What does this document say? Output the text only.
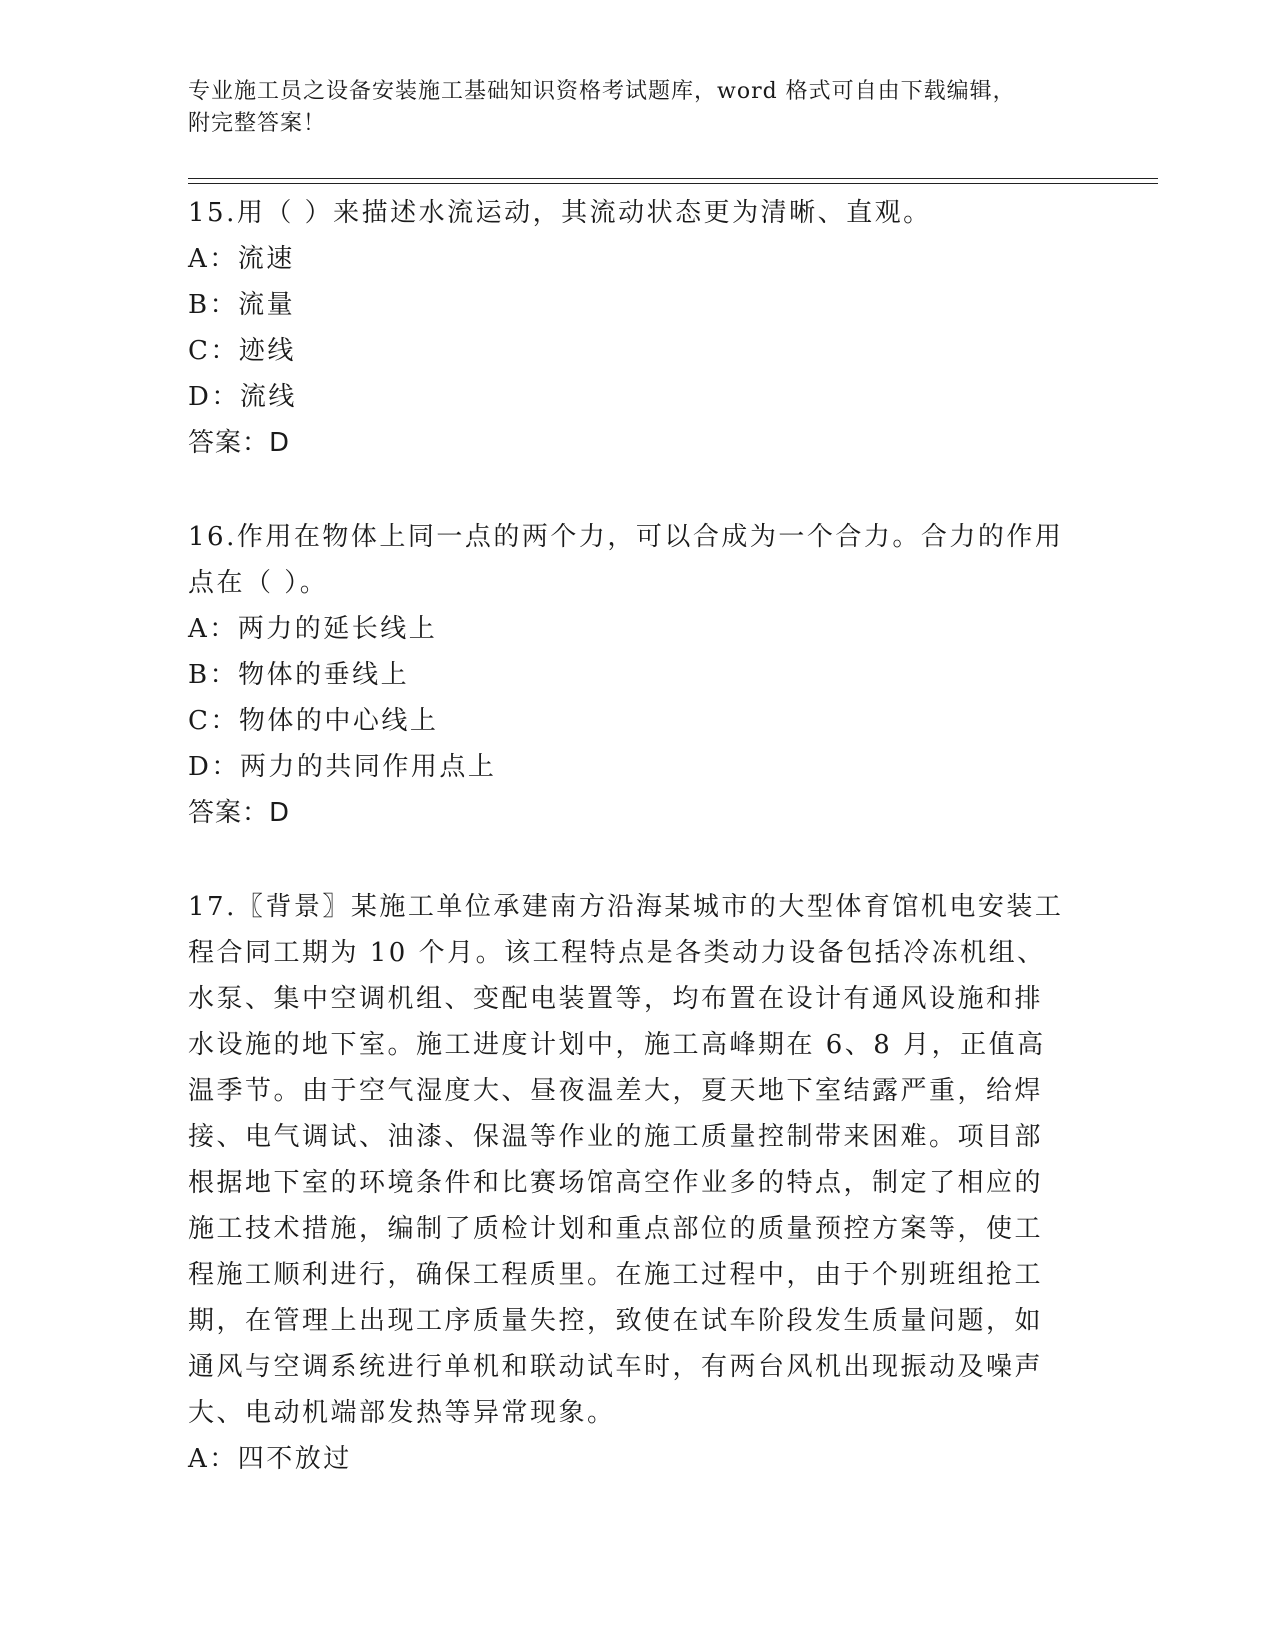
专业施工员之设备安装施工基础知识资格考试题库，word 格式可自由下载编辑，
附完整答案！

15.用（ ）来描述水流运动，其流动状态更为清晰、直观。

A：流速

B：流量

C：迹线

D：流线

答案：D

16.作用在物体上同一点的两个力，可以合成为一个合力。合力的作用点在（ ）。

A：两力的延长线上

B：物体的垂线上

C：物体的中心线上

D：两力的共同作用点上

答案：D

17.〖背景〗某施工单位承建南方沿海某城市的大型体育馆机电安装工程合同工期为 10 个月。该工程特点是各类动力设备包括冷冻机组、水泵、集中空调机组、变配电装置等，均布置在设计有通风设施和排水设施的地下室。施工进度计划中，施工高峰期在 6、8 月，正值高温季节。由于空气湿度大、昼夜温差大，夏天地下室结露严重，给焊接、电气调试、油漆、保温等作业的施工质量控制带来困难。项目部根据地下室的环境条件和比赛场馆高空作业多的特点，制定了相应的施工技术措施，编制了质检计划和重点部位的质量预控方案等，使工程施工顺利进行，确保工程质里。在施工过程中，由于个别班组抢工期，在管理上出现工序质量失控，致使在试车阶段发生质量问题，如通风与空调系统进行单机和联动试车时，有两台风机出现振动及噪声大、电动机端部发热等异常现象。

A：四不放过
